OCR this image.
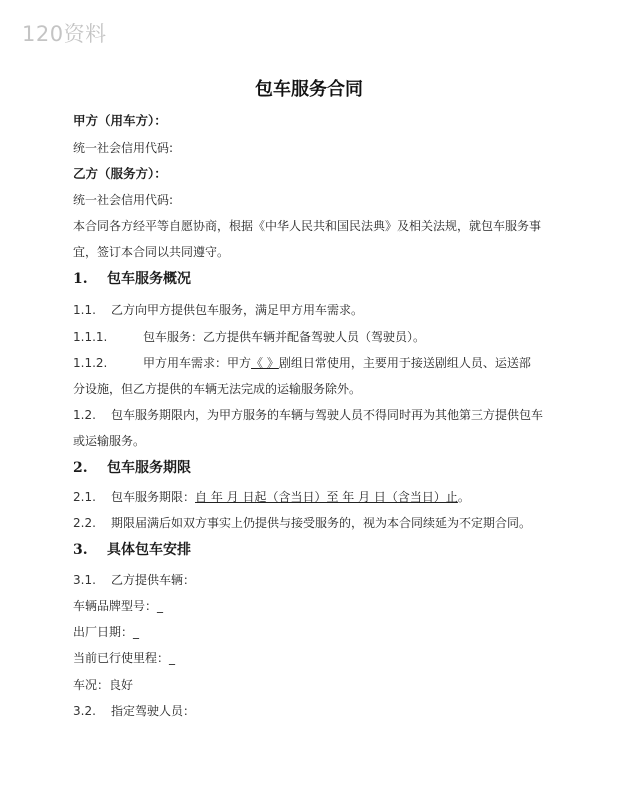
120资料
包车服务合同
甲方（用车方）：
统一社会信用代码:
乙方（服务方）：
统一社会信用代码:
本合同各方经平等自愿协商，根据《中华人民共和国民法典》及相关法规，就包车服务事
宜，签订本合同以共同遵守。
1. 包车服务概况
1.1. 乙方向甲方提供包车服务，满足甲方用车需求。
1.1.1.	包车服务：乙方提供车辆并配备驾驶人员（驾驶员）。
1.1.2.	甲方用车需求：甲方《 》剧组日常使用，主要用于接送剧组人员、运送部
分设施，但乙方提供的车辆无法完成的运输服务除外。
1.2. 包车服务期限内，为甲方服务的车辆与驾驶人员不得同时再为其他第三方提供包车
或运输服务。
2. 包车服务期限
2.1. 包车服务期限：自 年 月 日起（含当日）至 年 月 日（含当日）止。
2.2. 期限届满后如双方事实上仍提供与接受服务的，视为本合同续延为不定期合同。
3. 具体包车安排
3.1. 乙方提供车辆：
车辆品牌型号：_
出厂日期：_
当前已行使里程：_
车况：良好
3.2. 指定驾驶人员：
